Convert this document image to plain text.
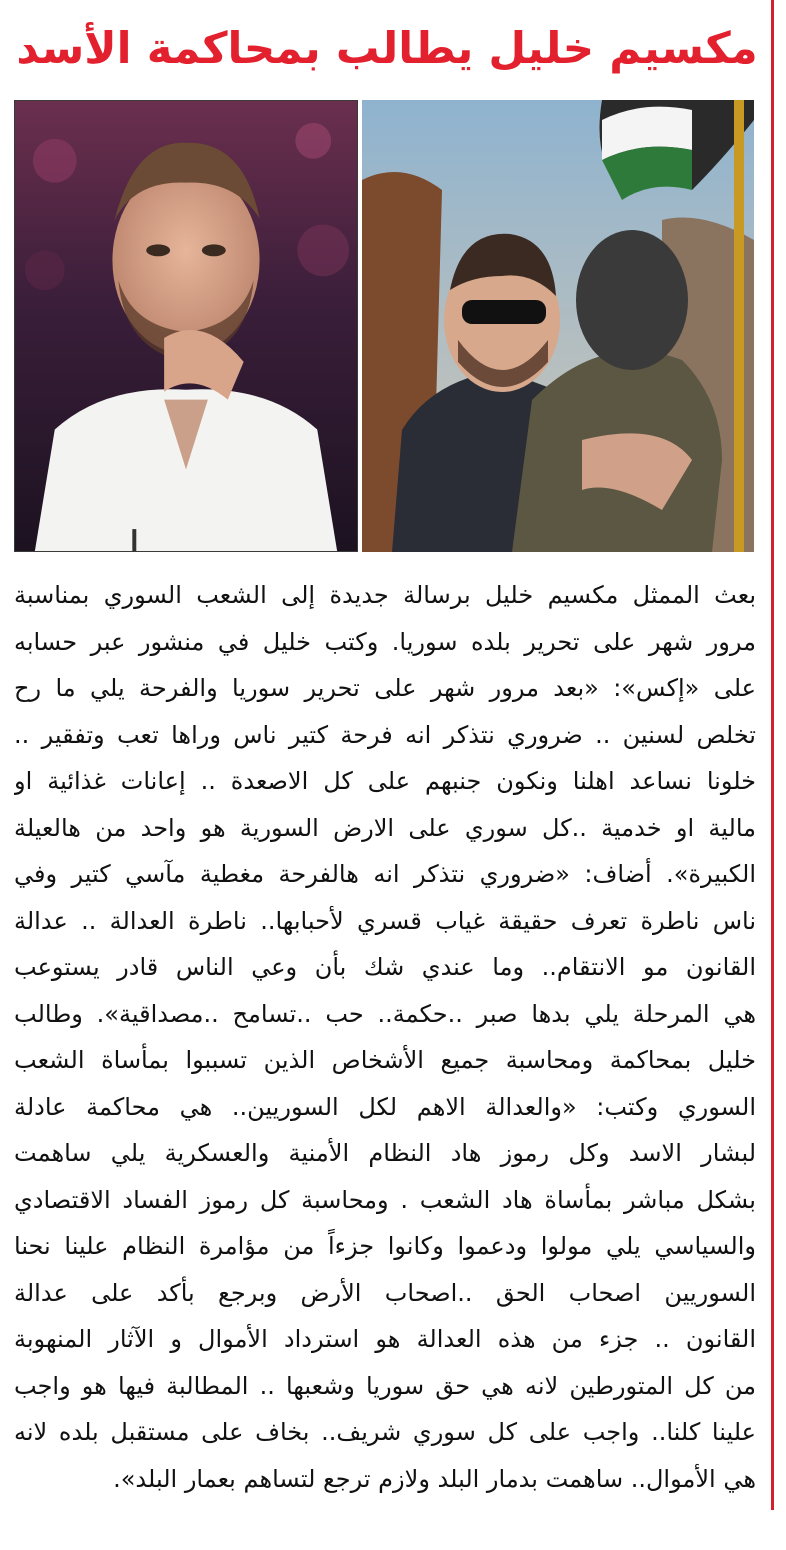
مكسيم خليل يطالب بمحاكمة الأسد
بعث الممثل مكسيم خليل برسالة جديدة إلى الشعب السوري بمناسبة
مرور شهر على تحرير بلده سوريا. وكتب خليل في منشور عبر حسابه
على «إكس»: «بعد مرور شهر على تحرير سوريا والفرحة يلي ما رح
تخلص لسنين .. ضروري نتذكر انه فرحة كتير ناس وراها تعب وتفقير ..
خلونا نساعد اهلنا ونكون جنبهم على كل الاصعدة .. إعانات غذائية او
مالية او خدمية ..كل سوري على الارض السورية هو واحد من هالعيلة
الكبيرة». أضاف: «ضروري نتذكر انه هالفرحة مغطية مآسي كتير وفي
ناس ناطرة تعرف حقيقة غياب قسري لأحبابها.. ناطرة العدالة .. عدالة
القانون مو الانتقام.. وما عندي شك بأن وعي الناس قادر يستوعب
هي المرحلة يلي بدها صبر ..حكمة.. حب ..تسامح ..مصداقية». وطالب
خليل بمحاكمة ومحاسبة جميع الأشخاص الذين تسببوا بمأساة الشعب
السوري وكتب: «والعدالة الاهم لكل السوريين.. هي محاكمة عادلة
لبشار الاسد وكل رموز هاد النظام الأمنية والعسكرية يلي ساهمت
بشكل مباشر بمأساة هاد الشعب . ومحاسبة كل رموز الفساد الاقتصادي
والسياسي يلي مولوا ودعموا وكانوا جزءاً من مؤامرة النظام علينا نحنا
السوريين اصحاب الحق ..اصحاب الأرض وبرجع بأكد على عدالة
القانون .. جزء من هذه العدالة هو استرداد الأموال و الآثار المنهوبة
من كل المتورطين لانه هي حق سوريا وشعبها .. المطالبة فيها هو واجب
علينا كلنا.. واجب على كل سوري شريف.. بخاف على مستقبل بلده لانه
هي الأموال.. ساهمت بدمار البلد ولازم ترجع لتساهم بعمار البلد».
